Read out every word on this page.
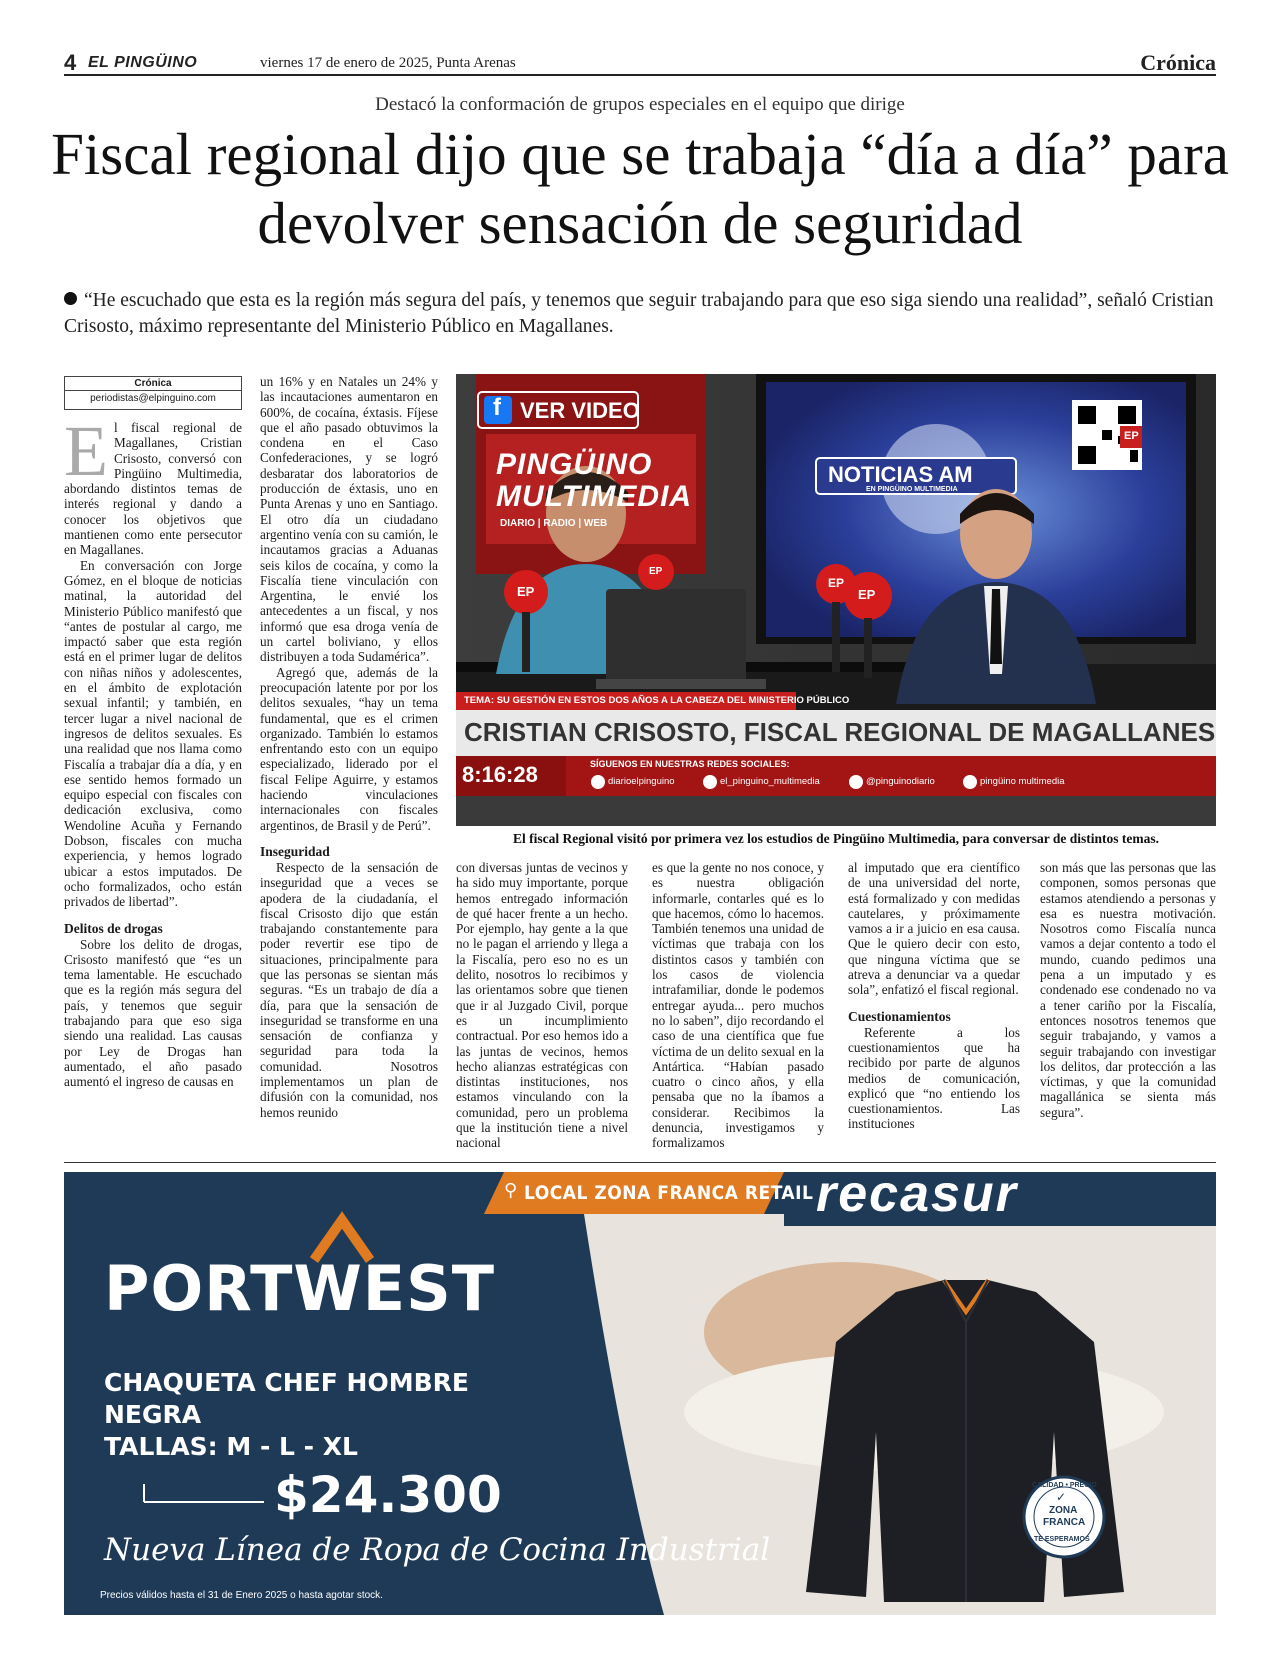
4 EL PINGÜINO	viernes 17 de enero de 2025, Punta Arenas	Crónica
Destacó la conformación de grupos especiales en el equipo que dirige
Fiscal regional dijo que se trabaja “día a día” para devolver sensación de seguridad
“He escuchado que esta es la región más segura del país, y tenemos que seguir trabajando para que eso siga siendo una realidad”, señaló Cristian Crisosto, máximo representante del Ministerio Público en Magallanes.
Crónica
periodistas@elpinguino.com

El fiscal regional de Magallanes, Cristian Crisosto, conversó con Pingüino Multimedia, abordando distintos temas de interés regional y dando a conocer los objetivos que mantienen como ente persecutor en Magallanes.

En conversación con Jorge Gómez, en el bloque de noticias matinal, la autoridad del Ministerio Público manifestó que “antes de postular al cargo, me impactó saber que esta región está en el primer lugar de delitos con niñas niños y adolescentes, en el ámbito de explotación sexual infantil; y también, en tercer lugar a nivel nacional de ingresos de delitos sexuales. Es una realidad que nos llama como Fiscalía a trabajar día a día, y en ese sentido hemos formado un equipo especial con fiscales con dedicación exclusiva, como Wendoline Acuña y Fernando Dobson, fiscales con mucha experiencia, y hemos logrado ubicar a estos imputados. De ocho formalizados, ocho están privados de libertad”.

Delitos de drogas

Sobre los delito de drogas, Crisosto manifestó que “es un tema lamentable. He escuchado que es la región más segura del país, y tenemos que seguir trabajando para que eso siga siendo una realidad. Las causas por Ley de Drogas han aumentado, el año pasado aumentó el ingreso de causas en

un 16% y en Natales un 24% y las incautaciones aumentaron en 600%, de cocaína, éxtasis. Fíjese que el año pasado obtuvimos la condena en el Caso Confederaciones, y se logró desbaratar dos laboratorios de producción de éxtasis, uno en Punta Arenas y uno en Santiago. El otro día un ciudadano argentino venía con su camión, le incautamos gracias a Aduanas seis kilos de cocaína, y como la Fiscalía tiene vinculación con Argentina, le envié los antecedentes a un fiscal, y nos informó que esa droga venía de un cartel boliviano, y ellos distribuyen a toda Sudamérica”.

Agregó que, además de la preocupación latente por por los delitos sexuales, “hay un tema fundamental, que es el crimen organizado. También lo estamos enfrentando esto con un equipo especializado, liderado por el fiscal Felipe Aguirre, y estamos haciendo vinculaciones internacionales con fiscales argentinos, de Brasil y de Perú”.

Inseguridad

Respecto de la sensación de inseguridad que a veces se apodera de la ciudadanía, el fiscal Crisosto dijo que están trabajando constantemente para poder revertir ese tipo de situaciones, principalmente para que las personas se sientan más seguras. “Es un trabajo de día a día, para que la sensación de inseguridad se transforme en una sensación de confianza y seguridad para toda la comunidad. Nosotros implementamos un plan de difusión con la comunidad, nos hemos reunido

f VER VIDEO
PINGÜINO
MULTIMEDIA
DIARIO | RADIO | WEB
NOTICIAS AM
EN PINGÜINO MULTIMEDIA
EP
EP
EP
EP
EP
TEMA: SU GESTIÓN EN ESTOS DOS AÑOS A LA CABEZA DEL MINISTERIO PÚBLICO
CRISTIAN CRISOSTO, FISCAL REGIONAL DE MAGALLANES
8:16:28	SÍGUENOS EN NUESTRAS REDES SOCIALES:
diarioelpinguino	el_pinguino_multimedia	@pinguinodiario	pingüino multimedia
El fiscal Regional visitó por primera vez los estudios de Pingüino Multimedia, para conversar de distintos temas.

con diversas juntas de vecinos y ha sido muy importante, porque hemos entregado información de qué hacer frente a un hecho. Por ejemplo, hay gente a la que no le pagan el arriendo y llega a la Fiscalía, pero eso no es un delito, nosotros lo recibimos y las orientamos sobre que tienen que ir al Juzgado Civil, porque es un incumplimiento contractual. Por eso hemos ido a las juntas de vecinos, hemos hecho alianzas estratégicas con distintas instituciones, nos estamos vinculando con la comunidad, pero un problema que la institución tiene a nivel nacional

es que la gente no nos conoce, y es nuestra obligación informarle, contarles qué es lo que hacemos, cómo lo hacemos. También tenemos una unidad de víctimas que trabaja con los distintos casos y también con los casos de violencia intrafamiliar, donde le podemos entregar ayuda... pero muchos no lo saben”, dijo recordando el caso de una científica que fue víctima de un delito sexual en la Antártica. “Habían pasado cuatro o cinco años, y ella pensaba que no la íbamos a considerar. Recibimos la denuncia, investigamos y formalizamos

al imputado que era científico de una universidad del norte, está formalizado y con medidas cautelares, y próximamente vamos a ir a juicio en esa causa. Que le quiero decir con esto, que ninguna víctima que se atreva a denunciar va a quedar sola”, enfatizó el fiscal regional.

Cuestionamientos

Referente a los cuestionamientos que ha recibido por parte de algunos medios de comunicación, explicó que “no entiendo los cuestionamientos. Las instituciones

son más que las personas que las componen, somos personas que estamos atendiendo a personas y esa es nuestra motivación. Nosotros como Fiscalía nunca vamos a dejar contento a todo el mundo, cuando pedimos una pena a un imputado y es condenado ese condenado no va a tener cariño por la Fiscalía, entonces nosotros tenemos que seguir trabajando, y vamos a seguir trabajando con investigar los delitos, dar protección a las víctimas, y que la comunidad magallánica se sienta más segura”.

⚲ LOCAL ZONA FRANCA RETAIL recasur
PORTWEST
CHAQUETA CHEF HOMBRE
NEGRA
TALLAS: M - L - XL
$24.300
Nueva Línea de Ropa de Cocina Industrial
Precios válidos hasta el 31 de Enero 2025 o hasta agotar stock.
CALIDAD • PRECIO
✓
ZONA
FRANCA
TE ESPERAMOS
